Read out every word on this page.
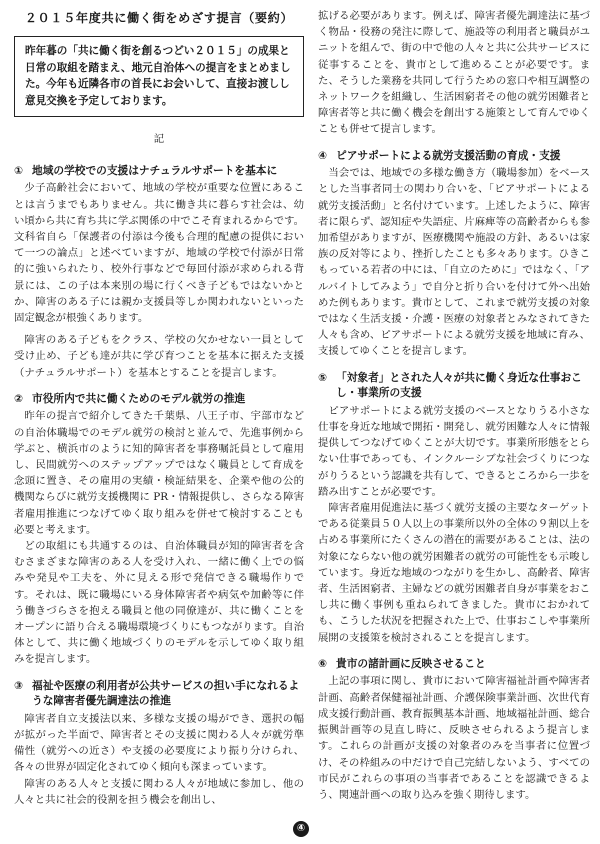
２０１５年度共に働く街をめざす提言（要約）
昨年暮の「共に働く街を創るつどい２０１５」の成果と日常の取組を踏まえ、地元自治体への提言をまとめました。今年も近隣各市の首長にお会いして、直接お渡しし意見交換を予定しております。
記
① 地域の学校での支援はナチュラルサポートを基本に

少子高齢社会において、地域の学校が重要な位置にあることは言うまでもありません。共に働き共に暮らす社会は、幼い頃から共に育ち共に学ぶ関係の中でこそ育まれるからです。文科省自ら「保護者の付添は今後も合理的配慮の提供において一つの論点」と述べていますが、地域の学校で付添が日常的に強いられたり、校外行事などで毎回付添が求められる背景には、この子は本来別の場に行くべき子どもではないかとか、障害のある子には親か支援員等しか関われないといった固定観念が根強くあります。

障害のある子どもをクラス、学校の欠かせない一員として受け止め、子ども達が共に学び育つことを基本に据えた支援（ナチュラルサポート）を基本とすることを提言します。

② 市役所内で共に働くためのモデル就労の推進

昨年の提言で紹介してきた千葉県、八王子市、宇部市などの自治体職場でのモデル就労の検討と並んで、先進事例から学ぶと、横浜市のように知的障害者を事務嘱託員として雇用し、民間就労へのステップアップではなく職員として育成を念頭に置き、その雇用の実績・検証結果を、企業や他の公的機関ならびに就労支援機関に PR・情報提供し、さらなる障害者雇用推進につなげてゆく取り組みを併せて検討することも必要と考えます。

どの取組にも共通するのは、自治体職員が知的障害者を含むさまざまな障害のある人を受け入れ、一緒に働く上での悩みや発見や工夫を、外に見える形で発信できる職場作りです。それは、既に職場にいる身体障害者や病気や加齢等に伴う働きづらさを抱える職員と他の同僚達が、共に働くことをオープンに語り合える職場環境づくりにもつながります。自治体として、共に働く地域づくりのモデルを示してゆく取り組みを提言します。

③ 福祉や医療の利用者が公共サービスの担い手になれるような障害者優先調達法の推進

障害者自立支援法以来、多様な支援の場ができ、選択の幅が拡がった半面で、障害者とその支援に関わる人々が就労準備性（就労への近さ）や支援の必要度により振り分けられ、各々の世界が固定化されてゆく傾向も深まっています。

障害のある人々と支援に関わる人々が地域に参加し、他の人々と共に社会的役割を担う機会を創出し、

拡げる必要があります。例えば、障害者優先調達法に基づく物品・役務の発注に際して、施設等の利用者と職員がユニットを組んで、街の中で他の人々と共に公共サービスに従事することを、貴市として進めることが必要です。また、そうした業務を共同して行うための窓口や相互調整のネットワークを組織し、生活困窮者その他の就労困難者と障害者等と共に働く機会を創出する施策として育んでゆくことも併せて提言します。

④ ピアサポートによる就労支援活動の育成・支援

当会では、地域での多様な働き方（職場参加）をベースとした当事者同士の関わり合いを、「ピアサポートによる就労支援活動」と名付けています。上述したように、障害者に限らず、認知症や失語症、片麻痺等の高齢者からも参加希望がありますが、医療機関や施設の方針、あるいは家族の反対等により、挫折したことも多々あります。ひきこもっている若者の中には、「自立のために」ではなく、「アルバイトしてみよう」で自分と折り合いを付けて外へ出始めた例もあります。貴市として、これまで就労支援の対象ではなく生活支援・介護・医療の対象者とみなされてきた人々も含め、ピアサポートによる就労支援を地域に育み、支援してゆくことを提言します。

⑤ 「対象者」とされた人々が共に働く身近な仕事おこし・事業所の支援

ピアサポートによる就労支援のベースとなりうる小さな仕事を身近な地域で開拓・開発し、就労困難な人々に情報提供してつなげてゆくことが大切です。事業所形態をとらない仕事であっても、インクルーシブな社会づくりにつながりうるという認識を共有して、できるところから一歩を踏み出すことが必要です。

障害者雇用促進法に基づく就労支援の主要なターゲットである従業員５０人以上の事業所以外の全体の９割以上を占める事業所にたくさんの潜在的需要があることは、法の対象にならない他の就労困難者の就労の可能性をも示唆しています。身近な地域のつながりを生かし、高齢者、障害者、生活困窮者、主婦などの就労困難者自身が事業をおこし共に働く事例も重ねられてきました。貴市におかれても、こうした状況を把握された上で、仕事おこしや事業所展開の支援策を検討されることを提言します。

⑥ 貴市の諸計画に反映させること

上記の事項に関し、貴市において障害福祉計画や障害者計画、高齢者保健福祉計画、介護保険事業計画、次世代育成支援行動計画、教育振興基本計画、地域福祉計画、総合振興計画等の見直し時に、反映させられるよう提言します。これらの計画が支援の対象者のみを当事者に位置づけ、その枠組みの中だけで自己完結しないよう、すべての市民がこれらの事項の当事者であることを認識できるよう、関連計画への取り込みを強く期待します。

④
